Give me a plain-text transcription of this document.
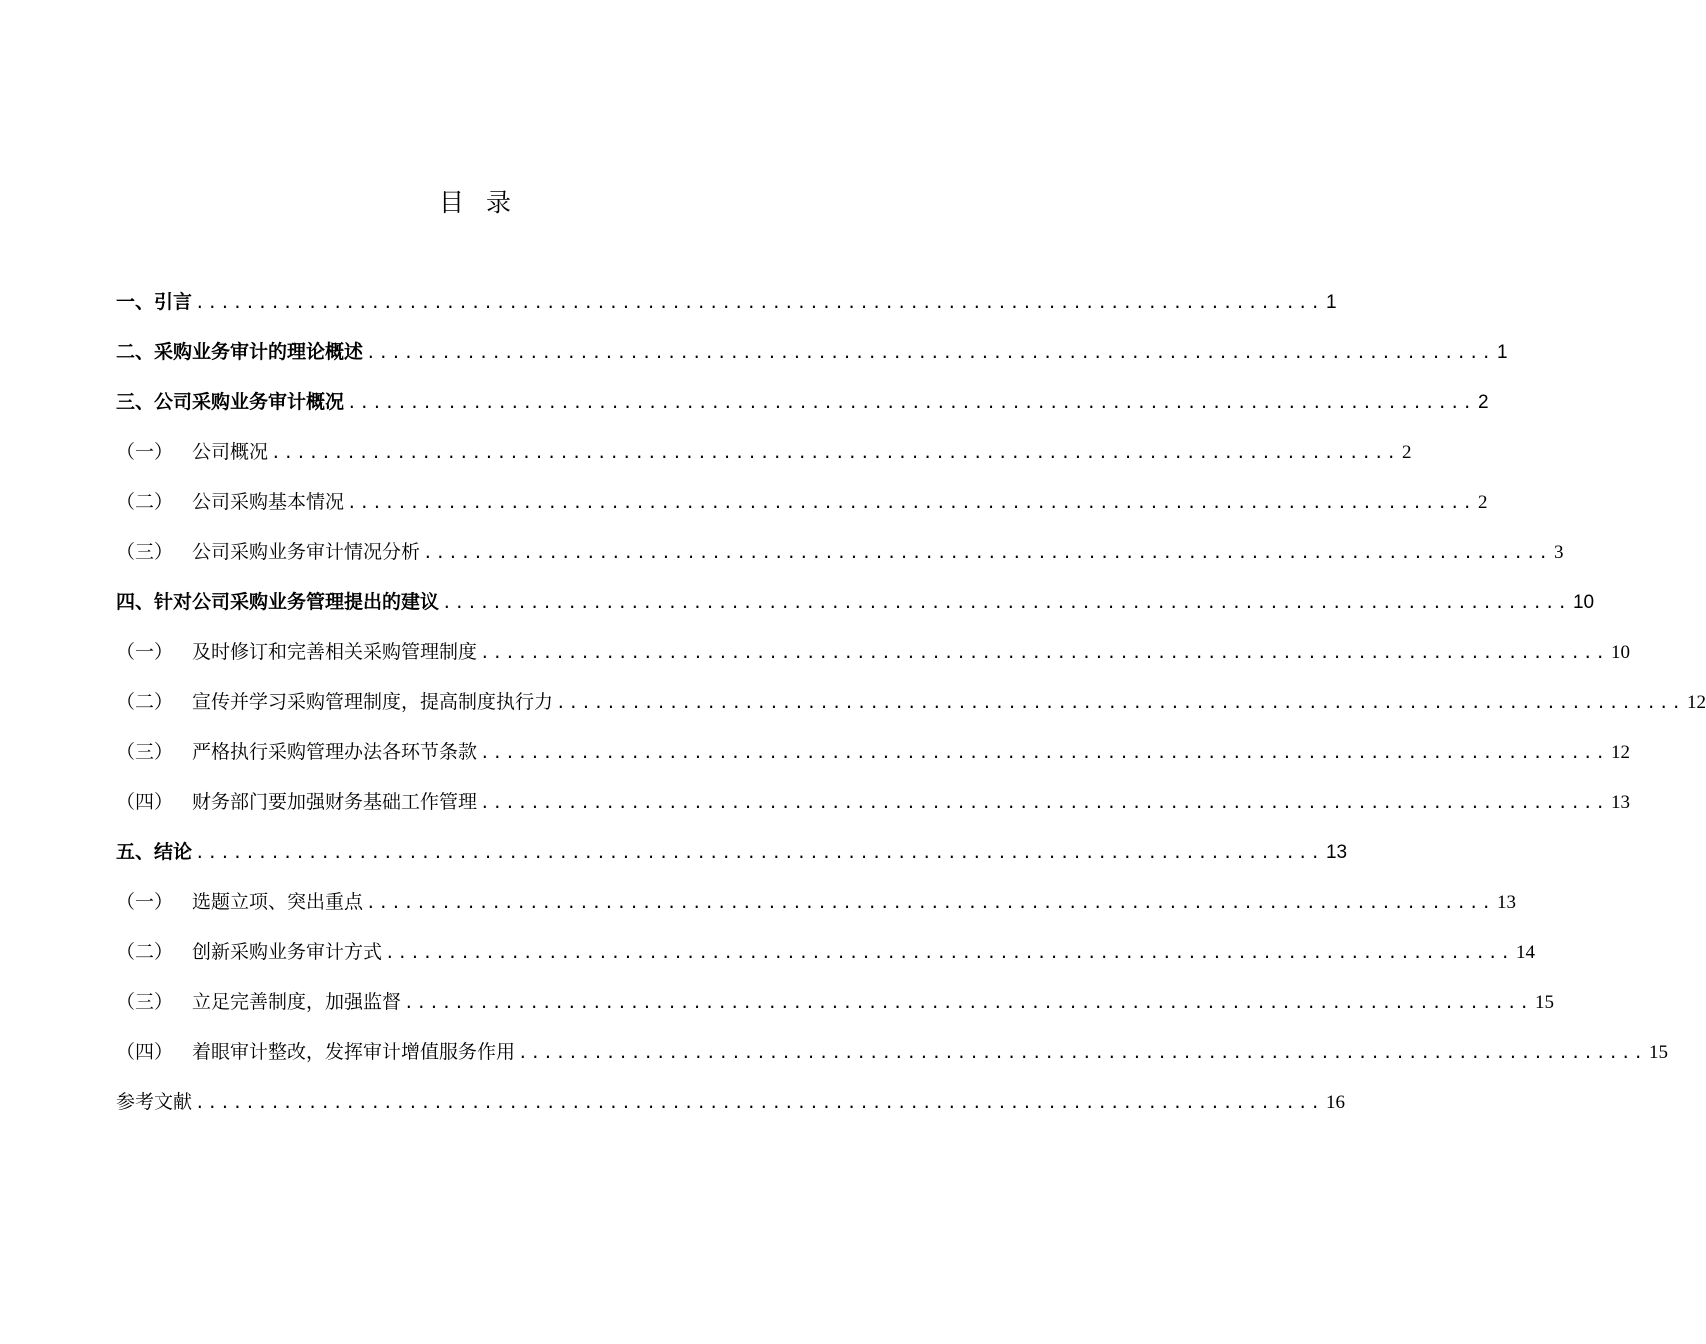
目录
一、引言 .......................................................................................... 1
二、采购业务审计的理论概述 .......................................................................................... 1
三、公司采购业务审计概况 .......................................................................................... 2
（一） 公司概况 .......................................................................................... 2
（二） 公司采购基本情况 .......................................................................................... 2
（三） 公司采购业务审计情况分析 .......................................................................................... 3
四、针对公司采购业务管理提出的建议 .......................................................................................... 10
（一） 及时修订和完善相关采购管理制度 .......................................................................................... 10
（二） 宣传并学习采购管理制度，提高制度执行力 .......................................................................................... 12
（三） 严格执行采购管理办法各环节条款 .......................................................................................... 12
（四） 财务部门要加强财务基础工作管理 .......................................................................................... 13
五、结论 .......................................................................................... 13
（一） 选题立项、突出重点 .......................................................................................... 13
（二） 创新采购业务审计方式 .......................................................................................... 14
（三） 立足完善制度，加强监督 .......................................................................................... 15
（四） 着眼审计整改，发挥审计增值服务作用 .......................................................................................... 15
参考文献 .......................................................................................... 16
